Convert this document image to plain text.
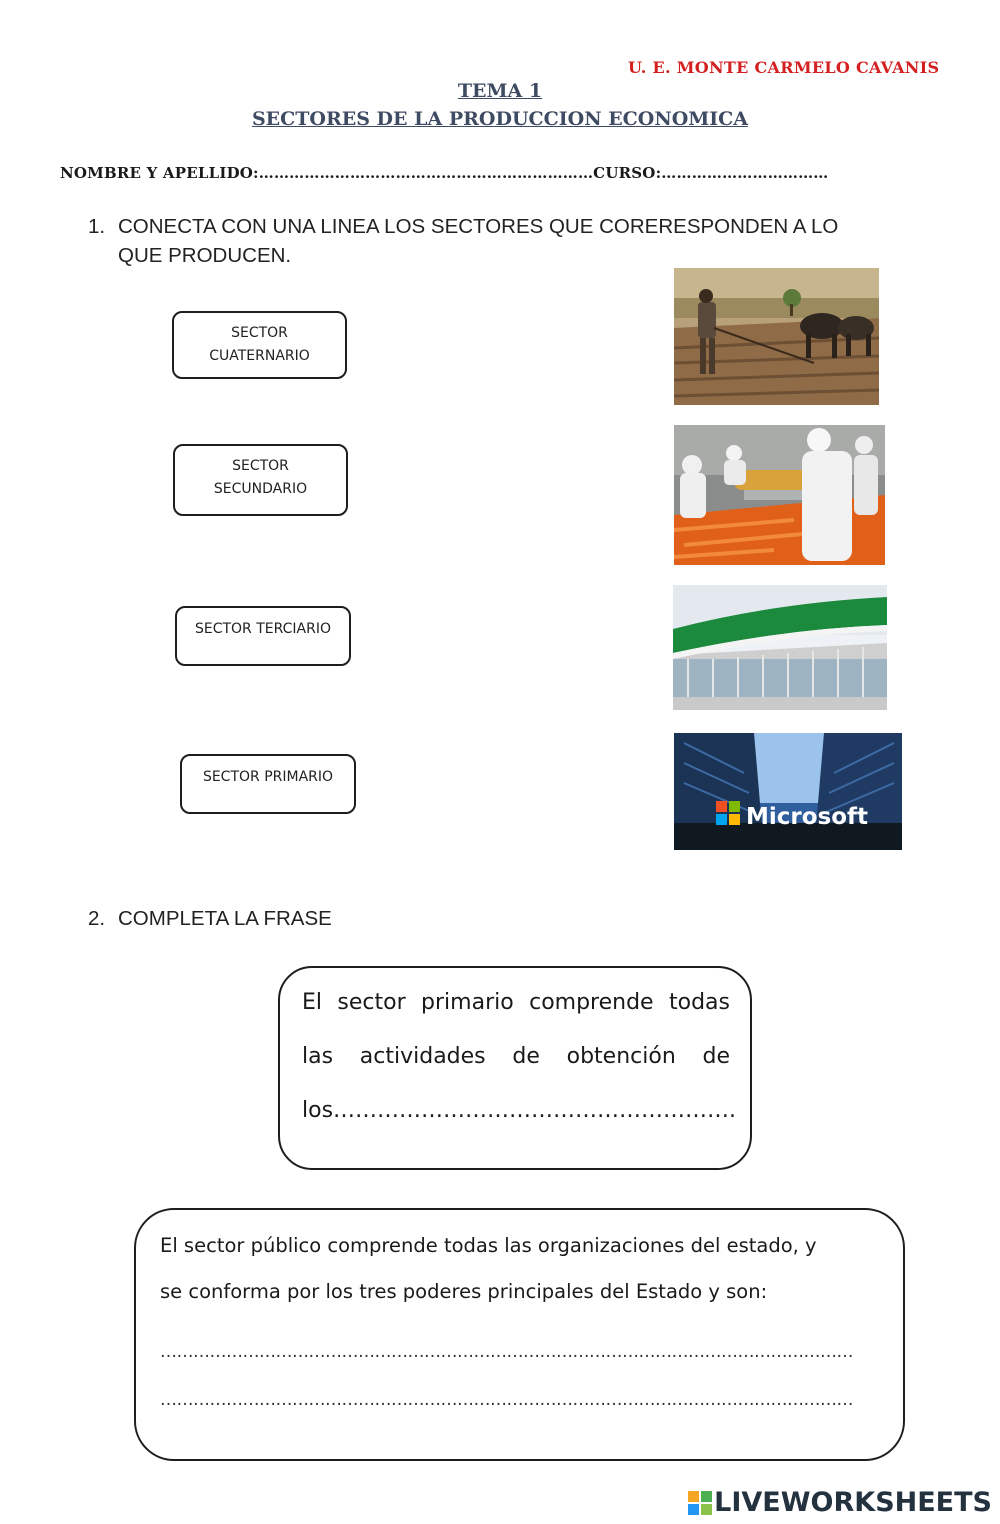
U. E. MONTE CARMELO CAVANIS
TEMA 1
SECTORES DE LA PRODUCCION ECONOMICA
NOMBRE Y APELLIDO:…………………………………………………………CURSO:……………………………
1. CONECTA CON UNA LINEA LOS SECTORES QUE CORERESPONDEN A LO
QUE PRODUCEN.
SECTOR
CUATERNARIO
SECTOR
SECUNDARIO
SECTOR TERCIARIO
SECTOR PRIMARIO
Microsoft
2. COMPLETA LA FRASE
El sector primario comprende todas
las actividades de obtención de
los……………………………………………….
El sector público comprende todas las organizaciones del estado, y
se conforma por los tres poderes principales del Estado y son:
………………………………………………………………………………………………………………
………………………………………………………………………………………………………………
LIVEWORKSHEETS
